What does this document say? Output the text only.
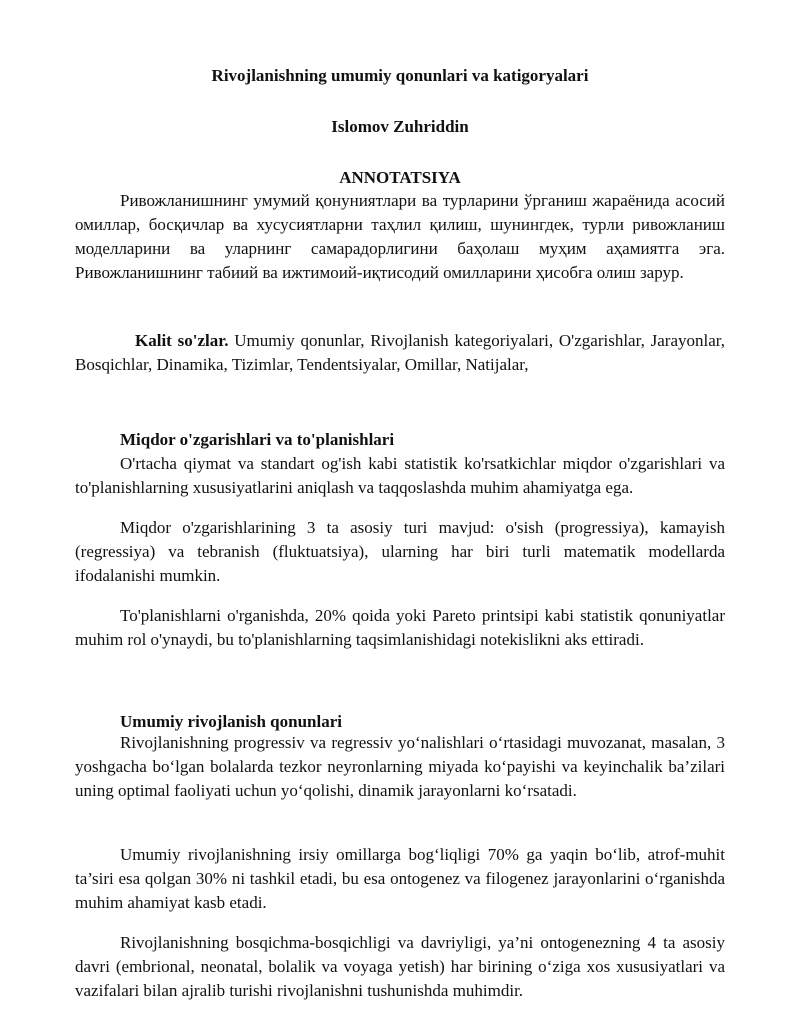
Rivojlanishning umumiy qonunlari va katigoryalari
Islomov Zuhriddin
ANNOTATSIYA

Ривожланишнинг умумий қонуниятлари ва турларини ўрганиш жараёнида асосий омиллар, босқичлар ва хусусиятларни таҳлил қилиш, шунингдек, турли ривожланиш моделларини ва уларнинг самарадорлигини баҳолаш муҳим аҳамиятга эга. Ривожланишнинг табиий ва ижтимоий-иқтисодий омилларини ҳисобга олиш зарур.

Kalit so'zlar. Umumiy qonunlar, Rivojlanish kategoriyalari, O'zgarishlar, Jarayonlar, Bosqichlar, Dinamika, Tizimlar, Tendentsiyalar, Omillar, Natijalar,

Miqdor o'zgarishlari va to'planishlari

O'rtacha qiymat va standart og'ish kabi statistik ko'rsatkichlar miqdor o'zgarishlari va to'planishlarning xususiyatlarini aniqlash va taqqoslashda muhim ahamiyatga ega.

Miqdor o'zgarishlarining 3 ta asosiy turi mavjud: o'sish (progressiya), kamayish (regressiya) va tebranish (fluktuatsiya), ularning har biri turli matematik modellarda ifodalanishi mumkin.

To'planishlarni o'rganishda, 20% qoida yoki Pareto printsipi kabi statistik qonuniyatlar muhim rol o'ynaydi, bu to'planishlarning taqsimlanishidagi notekislikni aks ettiradi.

Umumiy rivojlanish qonunlari

Rivojlanishning progressiv va regressiv yo‘nalishlari o‘rtasidagi muvozanat, masalan, 3 yoshgacha bo‘lgan bolalarda tezkor neyronlarning miyada ko‘payishi va keyinchalik ba’zilari uning optimal faoliyati uchun yo‘qolishi, dinamik jarayonlarni ko‘rsatadi.

Umumiy rivojlanishning irsiy omillarga bog‘liqligi 70% ga yaqin bo‘lib, atrof-muhit ta’siri esa qolgan 30% ni tashkil etadi, bu esa ontogenez va filogenez jarayonlarini o‘rganishda muhim ahamiyat kasb etadi.

Rivojlanishning bosqichma-bosqichligi va davriyligi, ya’ni ontogenezning 4 ta asosiy davri (embrional, neonatal, bolalik va voyaga yetish) har birining o‘ziga xos xususiyatlari va vazifalari bilan ajralib turishi rivojlanishni tushunishda muhimdir.
